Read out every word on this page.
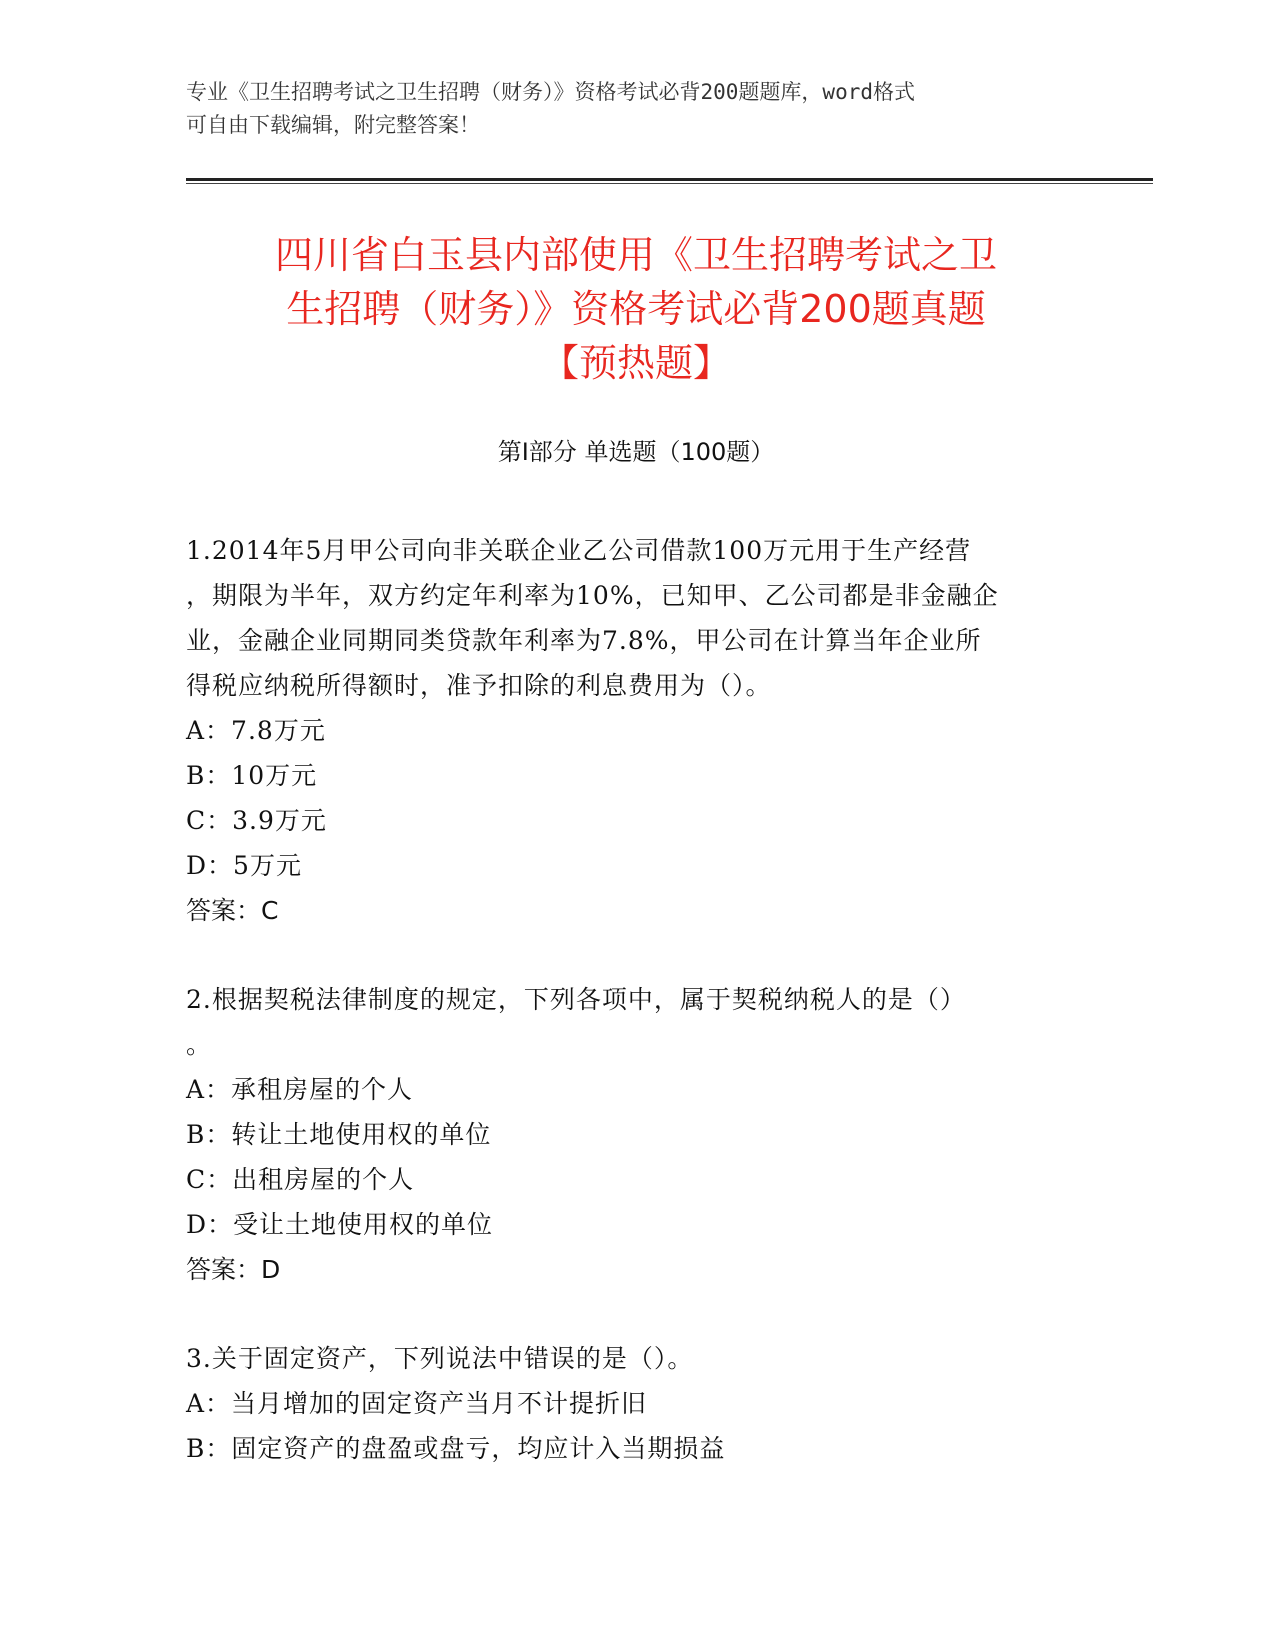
专业《卫生招聘考试之卫生招聘（财务）》资格考试必背200题题库，word格式
可自由下载编辑，附完整答案！
四川省白玉县内部使用《卫生招聘考试之卫
生招聘（财务）》资格考试必背200题真题
【预热题】
第Ⅰ部分 单选题（100题）
1.2014年5月甲公司向非关联企业乙公司借款100万元用于生产经营
，期限为半年，双方约定年利率为10%，已知甲、乙公司都是非金融企
业，金融企业同期同类贷款年利率为7.8%，甲公司在计算当年企业所
得税应纳税所得额时，准予扣除的利息费用为（）。
A：7.8万元
B：10万元
C：3.9万元
D：5万元
答案：C
2.根据契税法律制度的规定，下列各项中，属于契税纳税人的是（）
。
A：承租房屋的个人
B：转让土地使用权的单位
C：出租房屋的个人
D：受让土地使用权的单位
答案：D
3.关于固定资产，下列说法中错误的是（）。
A：当月增加的固定资产当月不计提折旧
B：固定资产的盘盈或盘亏，均应计入当期损益
